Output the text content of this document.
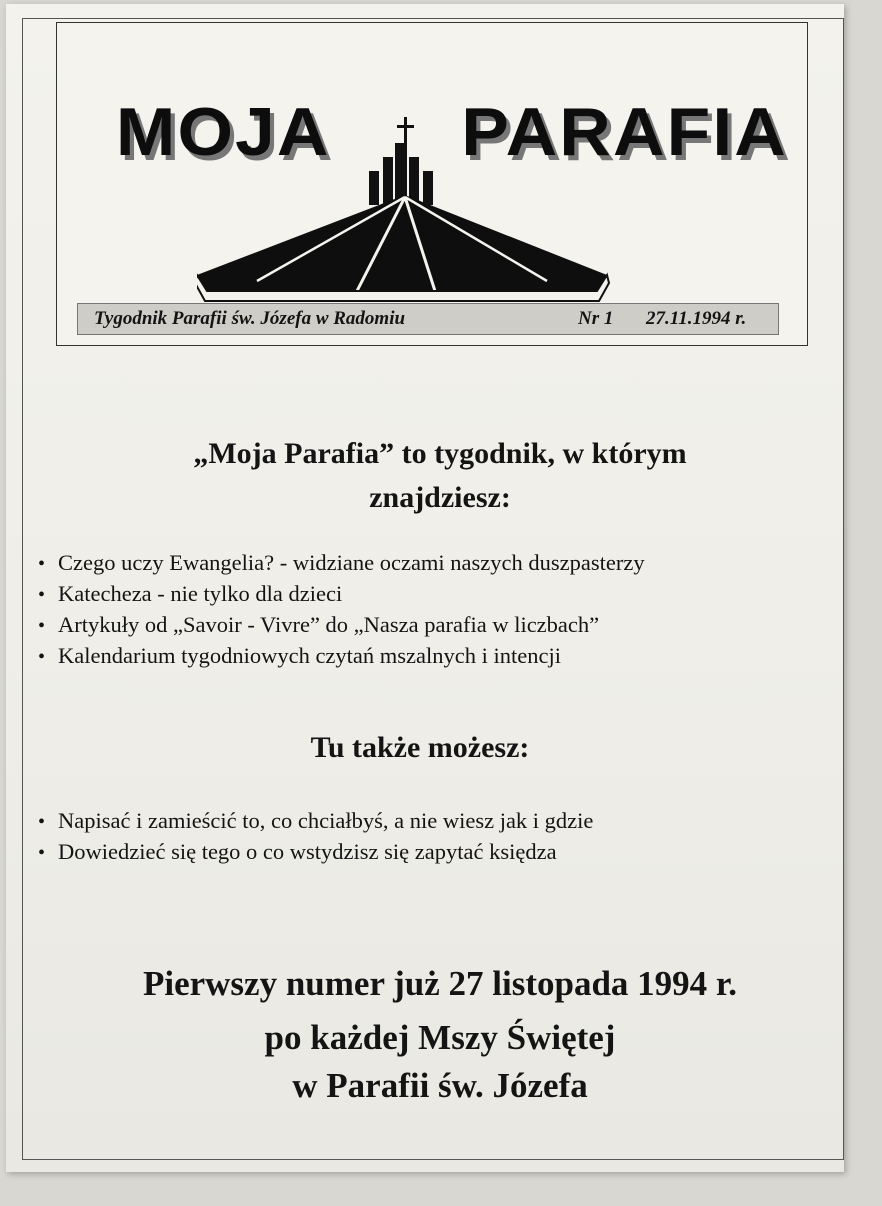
MOJA PARAFIA
Tygodnik Parafii św. Józefa w Radomiu	Nr 1 27.11.1994 r.
„Moja Parafia” to tygodnik, w którym
znajdziesz:
• Czego uczy Ewangelia? - widziane oczami naszych duszpasterzy
• Katecheza - nie tylko dla dzieci
• Artykuły od „Savoir - Vivre” do „Nasza parafia w liczbach”
• Kalendarium tygodniowych czytań mszalnych i intencji
Tu także możesz:
• Napisać i zamieścić to, co chciałbyś, a nie wiesz jak i gdzie
• Dowiedzieć się tego o co wstydzisz się zapytać księdza
Pierwszy numer już 27 listopada 1994 r.
po każdej Mszy Świętej
w Parafii św. Józefa
